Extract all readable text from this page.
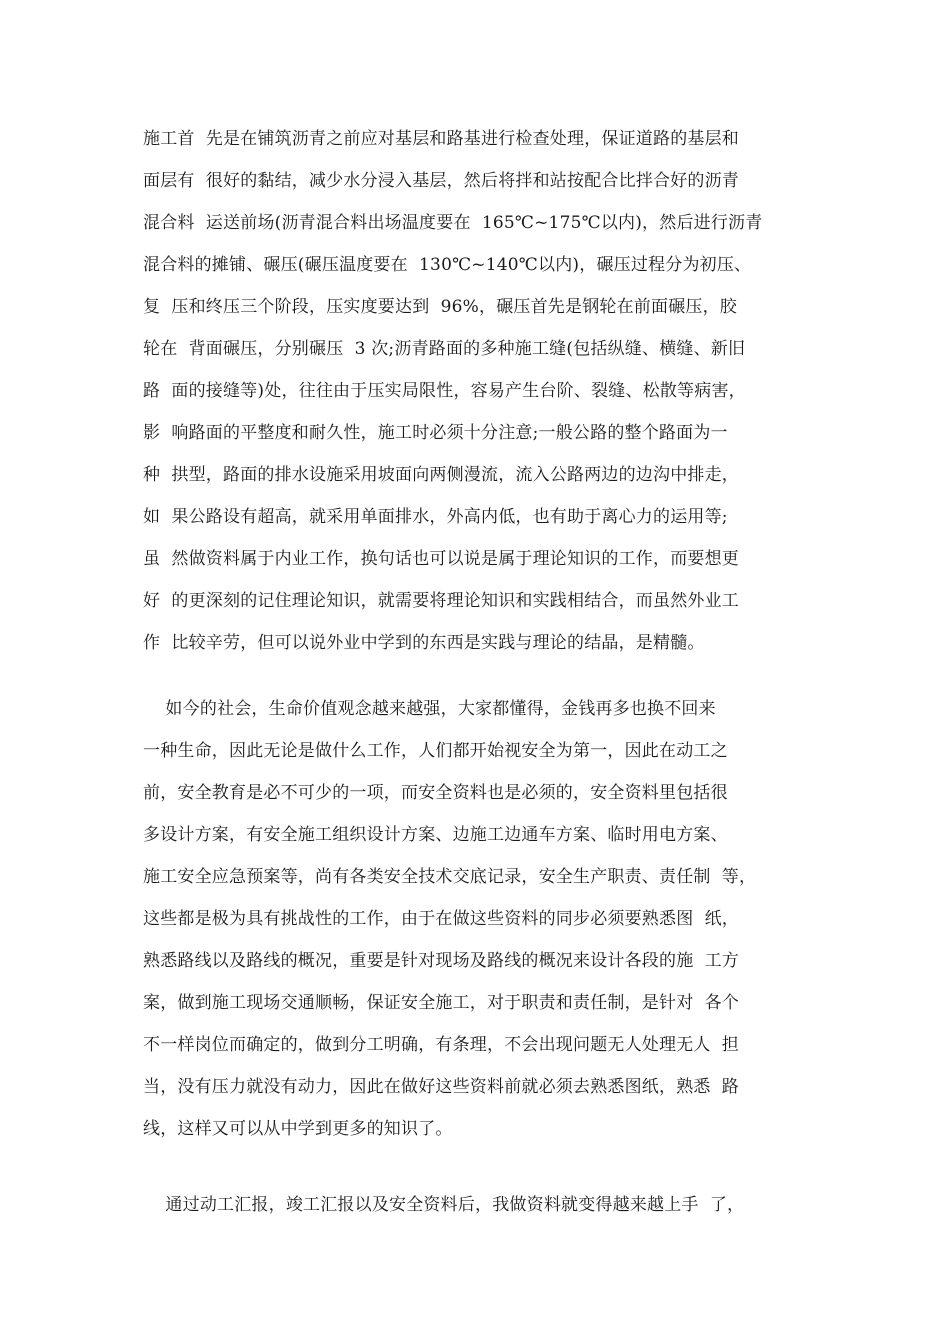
施工首  先是在铺筑沥青之前应对基层和路基进行检查处理，保证道路的基层和
面层有  很好的黏结，减少水分浸入基层，然后将拌和站按配合比拌合好的沥青
混合料  运送前场(沥青混合料出场温度要在  165℃~175℃以内)，然后进行沥青
混合料的摊铺、碾压(碾压温度要在  130℃~140℃以内)，碾压过程分为初压、
复  压和终压三个阶段，压实度要达到  96%，碾压首先是钢轮在前面碾压，胶
轮在  背面碾压，分别碾压  3 次;沥青路面的多种施工缝(包括纵缝、横缝、新旧
路  面的接缝等)处，往往由于压实局限性，容易产生台阶、裂缝、松散等病害，
影  响路面的平整度和耐久性，施工时必须十分注意;一般公路的整个路面为一
种  拱型，路面的排水设施采用坡面向两侧漫流，流入公路两边的边沟中排走，
如  果公路设有超高，就采用单面排水，外高内低，也有助于离心力的运用等;
虽  然做资料属于内业工作，换句话也可以说是属于理论知识的工作，而要想更
好  的更深刻的记住理论知识，就需要将理论知识和实践相结合，而虽然外业工
作  比较辛劳，但可以说外业中学到的东西是实践与理论的结晶，是精髓。
如今的社会，生命价值观念越来越强，大家都懂得，金钱再多也换不回来
一种生命，因此无论是做什么工作，人们都开始视安全为第一，因此在动工之
前，安全教育是必不可少的一项，而安全资料也是必须的，安全资料里包括很
多设计方案，有安全施工组织设计方案、边施工边通车方案、临时用电方案、
施工安全应急预案等，尚有各类安全技术交底记录，安全生产职责、责任制  等，
这些都是极为具有挑战性的工作，由于在做这些资料的同步必须要熟悉图  纸，
熟悉路线以及路线的概况，重要是针对现场及路线的概况来设计各段的施  工方
案，做到施工现场交通顺畅，保证安全施工，对于职责和责任制，是针对  各个
不一样岗位而确定的，做到分工明确，有条理，不会出现问题无人处理无人  担
当，没有压力就没有动力，因此在做好这些资料前就必须去熟悉图纸，熟悉  路
线，这样又可以从中学到更多的知识了。
通过动工汇报，竣工汇报以及安全资料后，我做资料就变得越来越上手  了，
